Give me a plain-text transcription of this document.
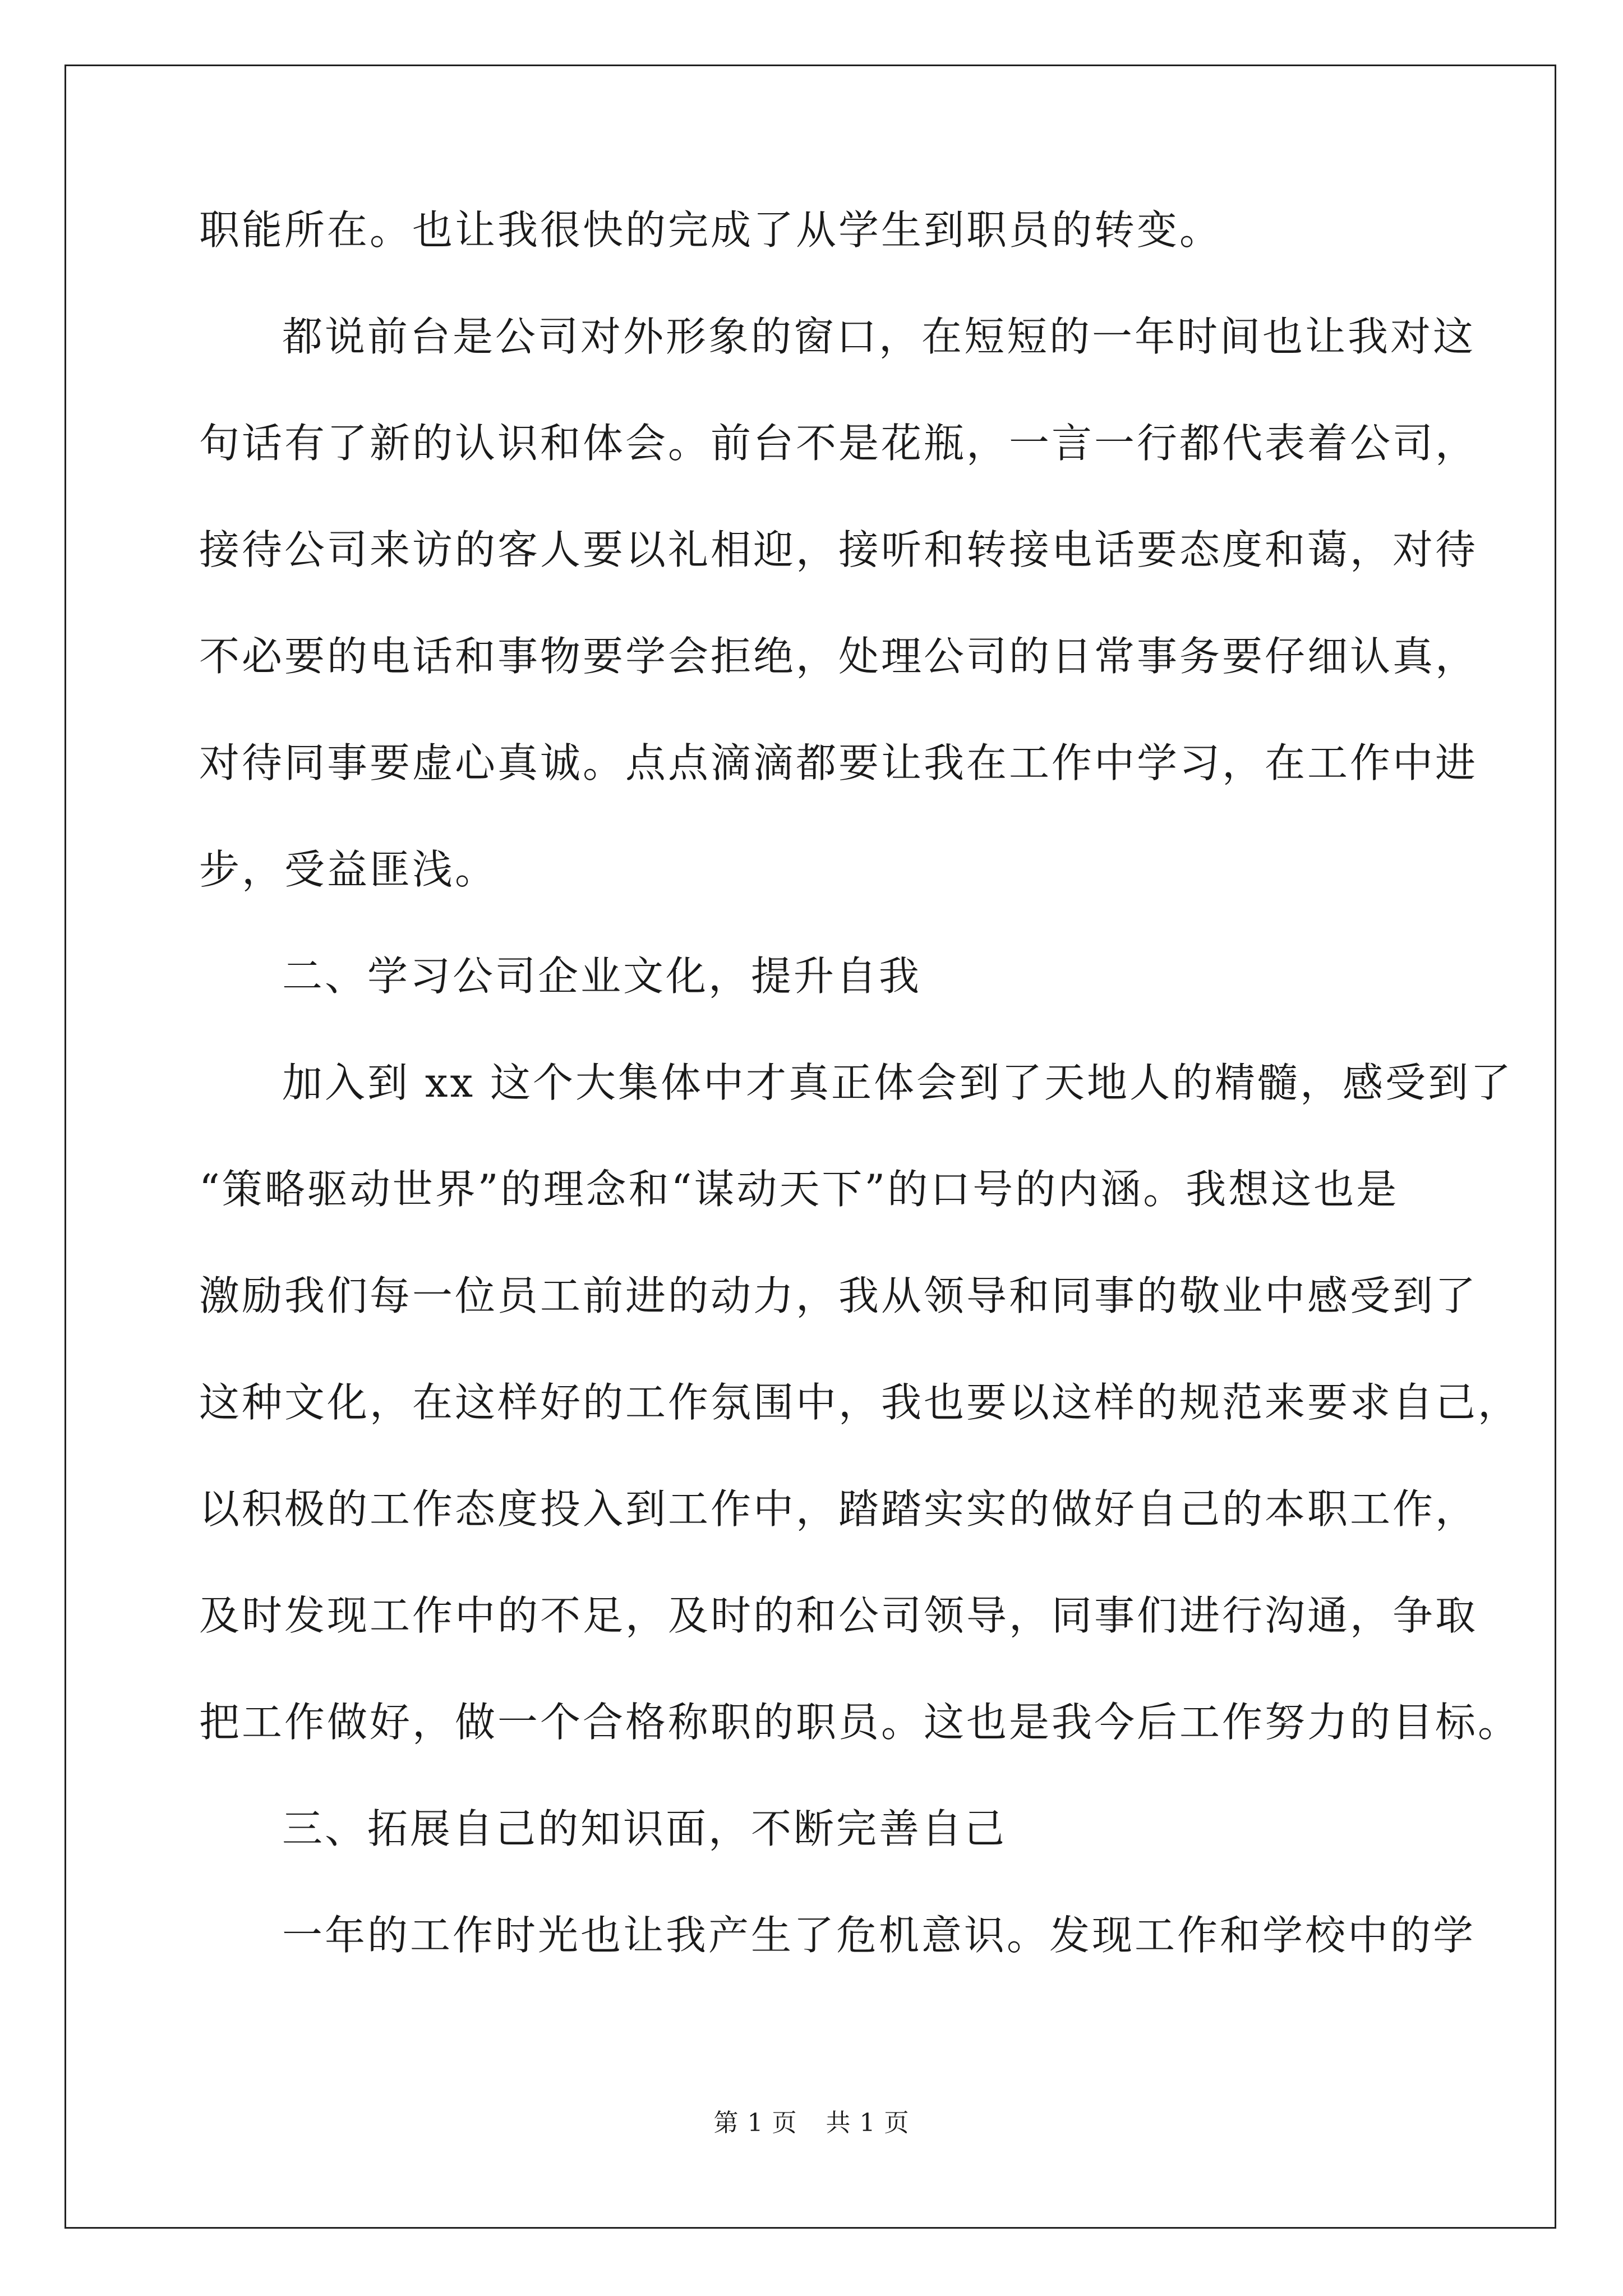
职能所在。也让我很快的完成了从学生到职员的转变。
都说前台是公司对外形象的窗口，在短短的一年时间也让我对这
句话有了新的认识和体会。前台不是花瓶，一言一行都代表着公司，
接待公司来访的客人要以礼相迎，接听和转接电话要态度和蔼，对待
不必要的电话和事物要学会拒绝，处理公司的日常事务要仔细认真，
对待同事要虚心真诚。点点滴滴都要让我在工作中学习，在工作中进
步，受益匪浅。
二、学习公司企业文化，提升自我
加入到 xx 这个大集体中才真正体会到了天地人的精髓，感受到了
“策略驱动世界”的理念和“谋动天下”的口号的内涵。我想这也是
激励我们每一位员工前进的动力，我从领导和同事的敬业中感受到了
这种文化，在这样好的工作氛围中，我也要以这样的规范来要求自己，
以积极的工作态度投入到工作中，踏踏实实的做好自己的本职工作，
及时发现工作中的不足，及时的和公司领导，同事们进行沟通，争取
把工作做好，做一个合格称职的职员。这也是我今后工作努力的目标。
三、拓展自己的知识面，不断完善自己
一年的工作时光也让我产生了危机意识。发现工作和学校中的学
第 1 页 共 1 页
